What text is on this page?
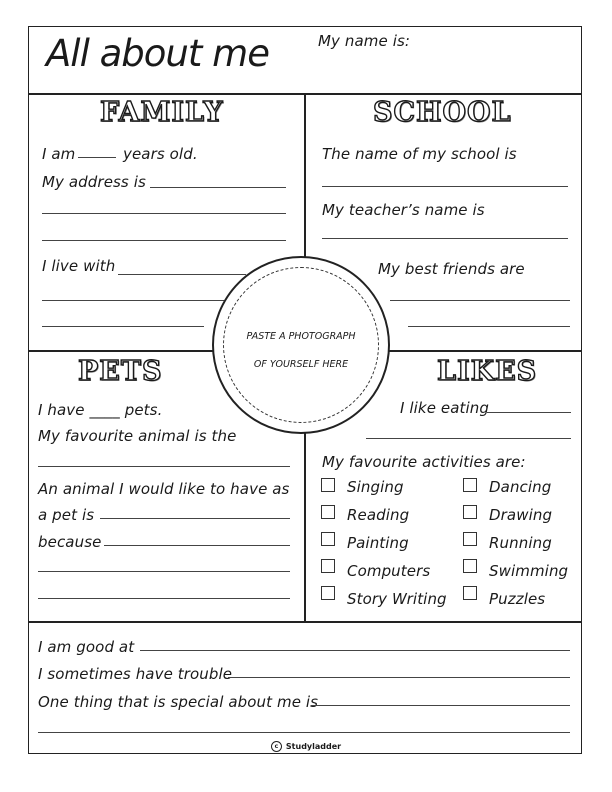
All about me	My name is:
FAMILY
I am	years old.
My address is
I live with
SCHOOL
The name of my school is
My teacher’s name is
My best friends are
PETS
I have ____ pets.
My favourite animal is the
An animal I would like to have as
a pet is
because
LIKES
I like eating
My favourite activities are:
Singing	Dancing
Reading	Drawing
Painting	Running
Computers	Swimming
Story Writing	Puzzles
PASTE A PHOTOGRAPH
OF YOURSELF HERE
I am good at
I sometimes have trouble
One thing that is special about me is
c Studyladder
